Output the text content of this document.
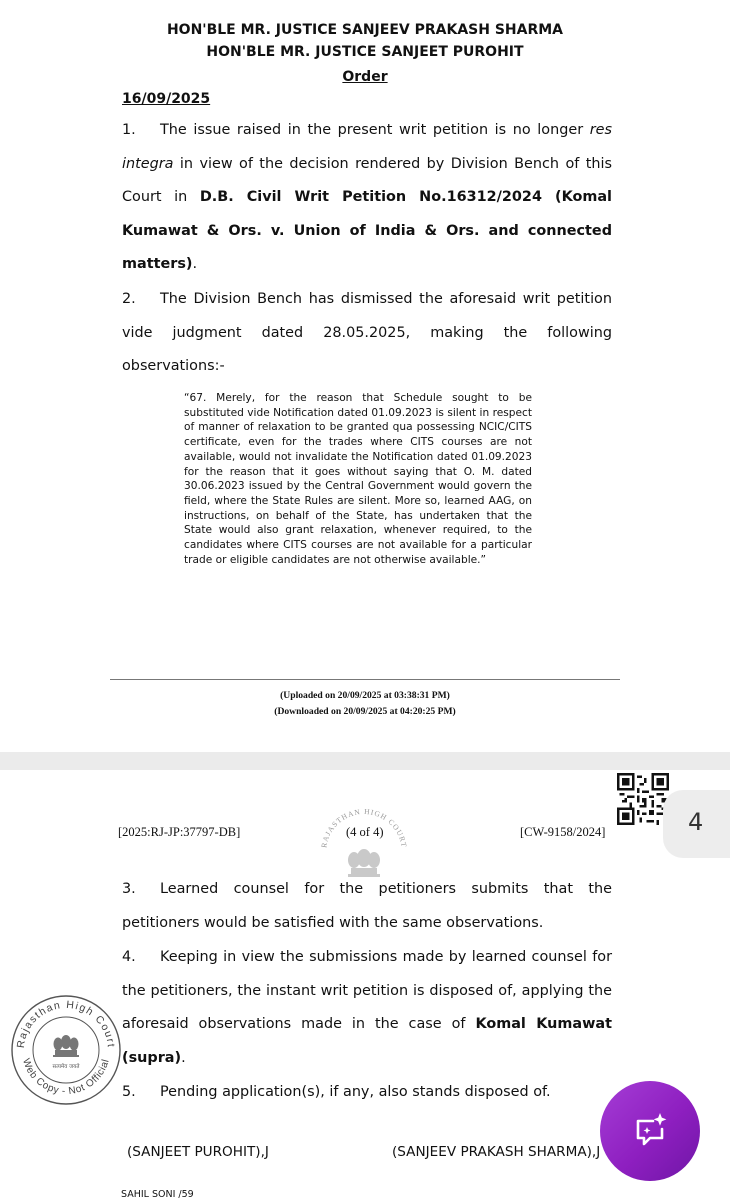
HON'BLE MR. JUSTICE SANJEEV PRAKASH SHARMA
HON'BLE MR. JUSTICE SANJEET PUROHIT
Order
16/09/2025
1. The issue raised in the present writ petition is no longer res integra in view of the decision rendered by Division Bench of this Court in D.B. Civil Writ Petition No.16312/2024 (Komal Kumawat & Ors. v. Union of India & Ors. and connected matters).
2. The Division Bench has dismissed the aforesaid writ petition vide judgment dated 28.05.2025, making the following observations:-
“67. Merely, for the reason that Schedule sought to be substituted vide Notification dated 01.09.2023 is silent in respect of manner of relaxation to be granted qua possessing NCIC/CITS certificate, even for the trades where CITS courses are not available, would not invalidate the Notification dated 01.09.2023 for the reason that it goes without saying that O. M. dated 30.06.2023 issued by the Central Government would govern the field, where the State Rules are silent. More so, learned AAG, on instructions, on behalf of the State, has undertaken that the State would also grant relaxation, whenever required, to the candidates where CITS courses are not available for a particular trade or eligible candidates are not otherwise available.”
(Uploaded on 20/09/2025 at 03:38:31 PM)
(Downloaded on 20/09/2025 at 04:20:25 PM)
4
RAJASTHAN HIGH COURT
[2025:RJ-JP:37797-DB]	(4 of 4)	[CW-9158/2024]
3. Learned counsel for the petitioners submits that the petitioners would be satisfied with the same observations.
4. Keeping in view the submissions made by learned counsel for the petitioners, the instant writ petition is disposed of, applying the aforesaid observations made in the case of Komal Kumawat (supra).
5. Pending application(s), if any, also stands disposed of.
Rajasthan High Court
Web Copy - Not Official
सत्यमेव जयते
(SANJEET PUROHIT),J	(SANJEEV PRAKASH SHARMA),J
SAHIL SONI /59
